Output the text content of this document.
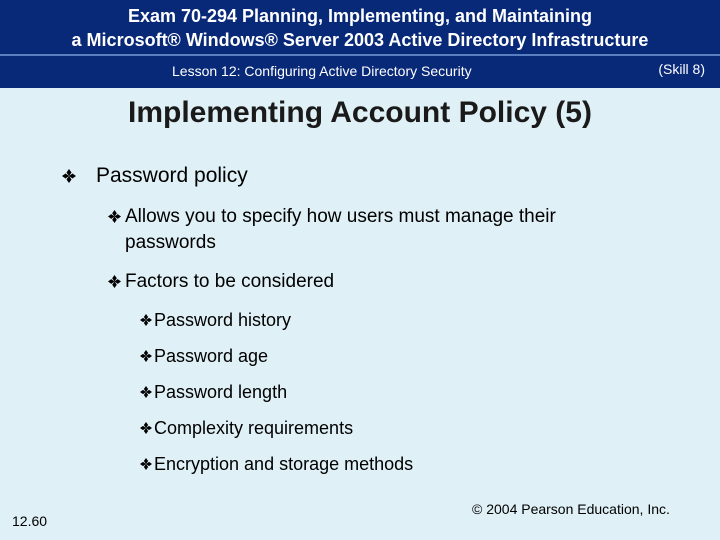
Exam 70-294 Planning, Implementing, and Maintaining
a Microsoft® Windows® Server 2003 Active Directory Infrastructure
Lesson 12: Configuring Active Directory Security	(Skill 8)
Implementing Account Policy (5)
Password policy
Allows you to specify how users must manage their passwords
Factors to be considered
Password history
Password age
Password length
Complexity requirements
Encryption and storage methods
12.60
© 2004 Pearson Education, Inc.
